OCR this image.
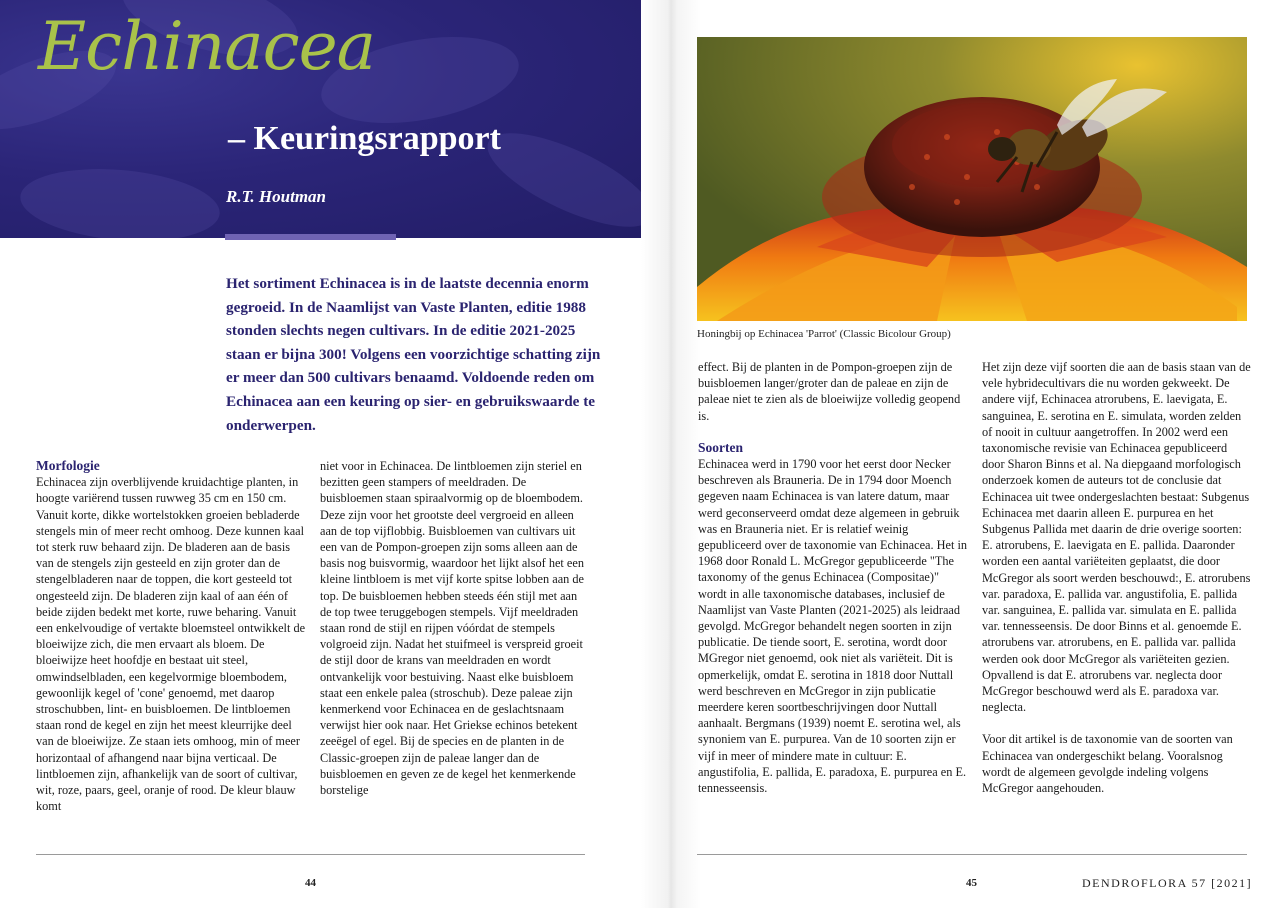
Echinacea
– Keuringsrapport
R.T. Houtman

Het sortiment Echinacea is in de laatste decennia enorm gegroeid. In de Naamlijst van Vaste Planten, editie 1988 stonden slechts negen cultivars. In de editie 2021-2025 staan er bijna 300! Volgens een voorzichtige schatting zijn er meer dan 500 cultivars benaamd. Voldoende reden om Echinacea aan een keuring op sier- en gebruikswaarde te onderwerpen.

Morfologie

Echinacea zijn overblijvende kruidachtige planten, in hoogte variërend tussen ruwweg 35 cm en 150 cm. Vanuit korte, dikke wortelstokken groeien bebladerde stengels min of meer recht omhoog. Deze kunnen kaal tot sterk ruw behaard zijn. De bladeren aan de basis van de stengels zijn gesteeld en zijn groter dan de stengelbladeren naar de toppen, die kort gesteeld tot ongesteeld zijn. De bladeren zijn kaal of aan één of beide zijden bedekt met korte, ruwe beharing. Vanuit een enkelvoudige of vertakte bloemsteel ontwikkelt de bloeiwijze zich, die men ervaart als bloem. De bloeiwijze heet hoofdje en bestaat uit steel, omwindselbladen, een kegelvormige bloembodem, gewoonlijk kegel of 'cone' genoemd, met daarop stroschubben, lint- en buisbloemen. De lintbloemen staan rond de kegel en zijn het meest kleurrijke deel van de bloeiwijze. Ze staan iets omhoog, min of meer horizontaal of afhangend naar bijna verticaal. De lintbloemen zijn, afhankelijk van de soort of cultivar, wit, roze, paars, geel, oranje of rood. De kleur blauw komt

niet voor in Echinacea. De lintbloemen zijn steriel en bezitten geen stampers of meeldraden. De buisbloemen staan spiraalvormig op de bloembodem. Deze zijn voor het grootste deel vergroeid en alleen aan de top vijflobbig. Buisbloemen van cultivars uit een van de Pompon-groepen zijn soms alleen aan de basis nog buisvormig, waardoor het lijkt alsof het een kleine lintbloem is met vijf korte spitse lobben aan de top. De buisbloemen hebben steeds één stijl met aan de top twee teruggebogen stempels. Vijf meeldraden staan rond de stijl en rijpen vóórdat de stempels volgroeid zijn. Nadat het stuifmeel is verspreid groeit de stijl door de krans van meeldraden en wordt ontvankelijk voor bestuiving. Naast elke buisbloem staat een enkele palea (stroschub). Deze paleae zijn kenmerkend voor Echinacea en de geslachtsnaam verwijst hier ook naar. Het Griekse echinos betekent zeeëgel of egel. Bij de species en de planten in de Classic-groepen zijn de paleae langer dan de buisbloemen en geven ze de kegel het kenmerkende borstelige

44
Honingbij op Echinacea 'Parrot' (Classic Bicolour Group)

effect. Bij de planten in de Pompon-groepen zijn de buisbloemen langer/groter dan de paleae en zijn de paleae niet te zien als de bloeiwijze volledig geopend is.

Soorten

Echinacea werd in 1790 voor het eerst door Necker beschreven als Brauneria. De in 1794 door Moench gegeven naam Echinacea is van latere datum, maar werd geconserveerd omdat deze algemeen in gebruik was en Brauneria niet. Er is relatief weinig gepubliceerd over de taxonomie van Echinacea. Het in 1968 door Ronald L. McGregor gepubliceerde "The taxonomy of the genus Echinacea (Compositae)" wordt in alle taxonomische databases, inclusief de Naamlijst van Vaste Planten (2021-2025) als leidraad gevolgd. McGregor behandelt negen soorten in zijn publicatie. De tiende soort, E. serotina, wordt door MGregor niet genoemd, ook niet als variëteit. Dit is opmerkelijk, omdat E. serotina in 1818 door Nuttall werd beschreven en McGregor in zijn publicatie meerdere keren soortbeschrijvingen door Nuttall aanhaalt. Bergmans (1939) noemt E. serotina wel, als synoniem van E. purpurea. Van de 10 soorten zijn er vijf in meer of mindere mate in cultuur: E. angustifolia, E. pallida, E. paradoxa, E. purpurea en E. tennesseensis.

Het zijn deze vijf soorten die aan de basis staan van de vele hybridecultivars die nu worden gekweekt. De andere vijf, Echinacea atrorubens, E. laevigata, E. sanguinea, E. serotina en E. simulata, worden zelden of nooit in cultuur aangetroffen. In 2002 werd een taxonomische revisie van Echinacea gepubliceerd door Sharon Binns et al. Na diepgaand morfologisch onderzoek komen de auteurs tot de conclusie dat Echinacea uit twee ondergeslachten bestaat: Subgenus Echinacea met daarin alleen E. purpurea en het Subgenus Pallida met daarin de drie overige soorten: E. atrorubens, E. laevigata en E. pallida. Daaronder worden een aantal variëteiten geplaatst, die door McGregor als soort werden beschouwd:, E. atrorubens var. paradoxa, E. pallida var. angustifolia, E. pallida var. sanguinea, E. pallida var. simulata en E. pallida var. tennesseensis. De door Binns et al. genoemde E. atrorubens var. atrorubens, en E. pallida var. pallida werden ook door McGregor als variëteiten gezien. Opvallend is dat E. atrorubens var. neglecta door McGregor beschouwd werd als E. paradoxa var. neglecta.

Voor dit artikel is de taxonomie van de soorten van Echinacea van ondergeschikt belang. Vooralsnog wordt de algemeen gevolgde indeling volgens McGregor aangehouden.

45	DENDROFLORA 57 [2021]
